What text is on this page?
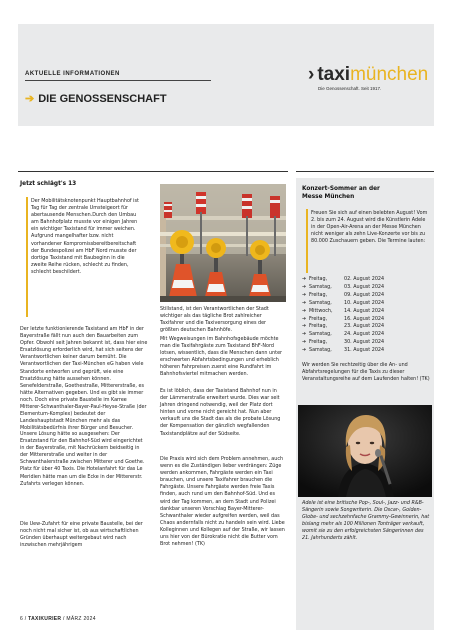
AKTUELLE INFORMATIONEN
➔ DIE GENOSSENSCHAFT
› taxi münchen
Die Genossenschaft. Seit 1917.
Jetzt schlägt's 13
Der Mobilitätsknotenpunkt Hauptbahnhof ist Tag für Tag der zentrale Umsteigeort für abertausende Menschen.Durch den Umbau am Bahnhofplatz musste vor einigen Jahren ein wichtiger Taxistand für immer weichen. Aufgrund mangelhafter bzw. nicht vorhandener Kompromissbereitbereitschaft der Bundespolizei am HbF Nord musste der dortige Taxistand mit Baubeginn in die zweite Reihe rücken, schlecht zu finden, schlecht beschildert.
Der letzte funktionierende Taxistand am HbF in der Bayerstraße fällt nun auch den Bauarbeiten zum Opfer. Obwohl seit Jahren bekannt ist, dass hier eine Ersatzlösung erforderlich wird, hat sich seitens der Verantwortlichen keiner darum bemüht. Die Verantwortlichen der Taxi-München eG haben viele Standorte entworfen und geprüft, wie eine Ersatzlösung hätte aussehen können. Senefelderstraße, Goethestraße, Mittererstraße, es hätte Alternativen gegeben. Und es gibt sie immer noch. Doch eine private Baustelle im Karree Mitterer-Schwanthaler-Bayer-Paul-Heyse-Straße (der Elementum-Komplex) bedeutet der Landeshauptstadt München mehr als das Mobilitätsbedürfnis ihrer Bürger und Besucher.
Unsere Lösung hätte so ausgesehen: Der Ersatzstand für den Bahnhof-Süd wird eingerichtet in der Bayerstraße, mit Nachrückern beidseitig in der Mittererstraße und weiter in der Schwanthalerstraße zwischen Mitterer und Goethe. Platz für über 40 Taxis. Die Hotelanfahrt für das Le Meridien hätte man um die Ecke in der Mittererstr. Zufahrts verlegen können.
Die Uew-Zufahrt für eine private Baustelle, bei der noch nicht mal sicher ist, ob aus wirtschaftlichen Gründen überhaupt weitergebaut wird nach inzwischen mehrjährigem
Stillstand, ist den Verantwortlichen der Stadt wichtiger als das tägliche Brot zahlreicher Taxifahrer und die Taxiversorgung eines der größten deutschen Bahnhöfe.
Mit Wegweisungen im Bahnhofsgebäude möchte man die Taxifahrgäste zum Taxistand BhF-Nord lotsen, wissentlich, dass die Menschen dann unter erschwerten Abfahrtsbedingungen und erheblich höheren Fahrpreisen zuerst eine Rundfahrt im Bahnhofsviertel mitmachen werden.
Es ist löblich, dass der Taxistand Bahnhof nun in der Lämmerstraße erweitert wurde. Dies war seit Jahren dringend notwendig, weil der Platz dort hinten und vorne nicht gereicht hat. Nun aber verkauft uns die Stadt das als die probate Lösung der Kompensation der gänzlich wegfallenden Taxistandplätze auf der Südseite.
Die Praxis wird sich dem Problem annehmen, auch wenn es die Zuständigen lieber verdrängen: Züge werden ankommen, Fahrgäste werden ein Taxi brauchen, und unsere Taxifahrer brauchen die Fahrgäste. Unsere Fahrgäste werden freie Taxis finden, auch rund um den Bahnhof-Süd. Und es wird der Tag kommen, an dem Stadt und Polizei dankbar unseren Vorschlag Bayer-Mitterer-Schwanthaler wieder aufgreifen werden, weil das Chaos andernfalls nicht zu handeln sein wird. Liebe Kolleginnen und Kollegen auf der Straße, wir lassen uns hier von der Bürokratie nicht die Butter vom Brot nehmen! (TK)
Konzert-Sommer an der
Messe München
Freuen Sie sich auf einen belebten August! Vom 2. bis zum 24. August wird die Künstlerin Adele in der Open-Air-Arena an der Messe München nicht weniger als zehn Live-Konzerte vor bis zu 80.000 Zuschauern geben. Die Termine lauten:
➔ Freitag,	02. August 2024
➔ Samstag,	03. August 2024
➔ Freitag,	09. August 2024
➔ Samstag,	10. August 2024
➔ Mittwoch,	14. August 2024
➔ Freitag,	16. August 2024
➔ Freitag,	23. August 2024
➔ Samstag,	24. August 2024
➔ Freitag,	30. August 2024
➔ Samstag,	31. August 2024
Wir werden Sie rechtzeitig über die An- und Abfahrtsregelungen für die Taxis zu dieser Veranstaltungsreihe auf dem Laufenden halten! (TK)
Adele ist eine britische Pop-, Soul-, Jazz- und R&B-Sängerin sowie Songwriterin. Die Oscar-, Golden-Globe- und sechzehnfache Grammy-Gewinnerin, hat bislang mehr als 100 Millionen Tonträger verkauft, womit sie zu den erfolgreichsten Sängerinnen des 21. Jahrhunderts zählt.
6 / TAXIKURIER / MÄRZ 2024
